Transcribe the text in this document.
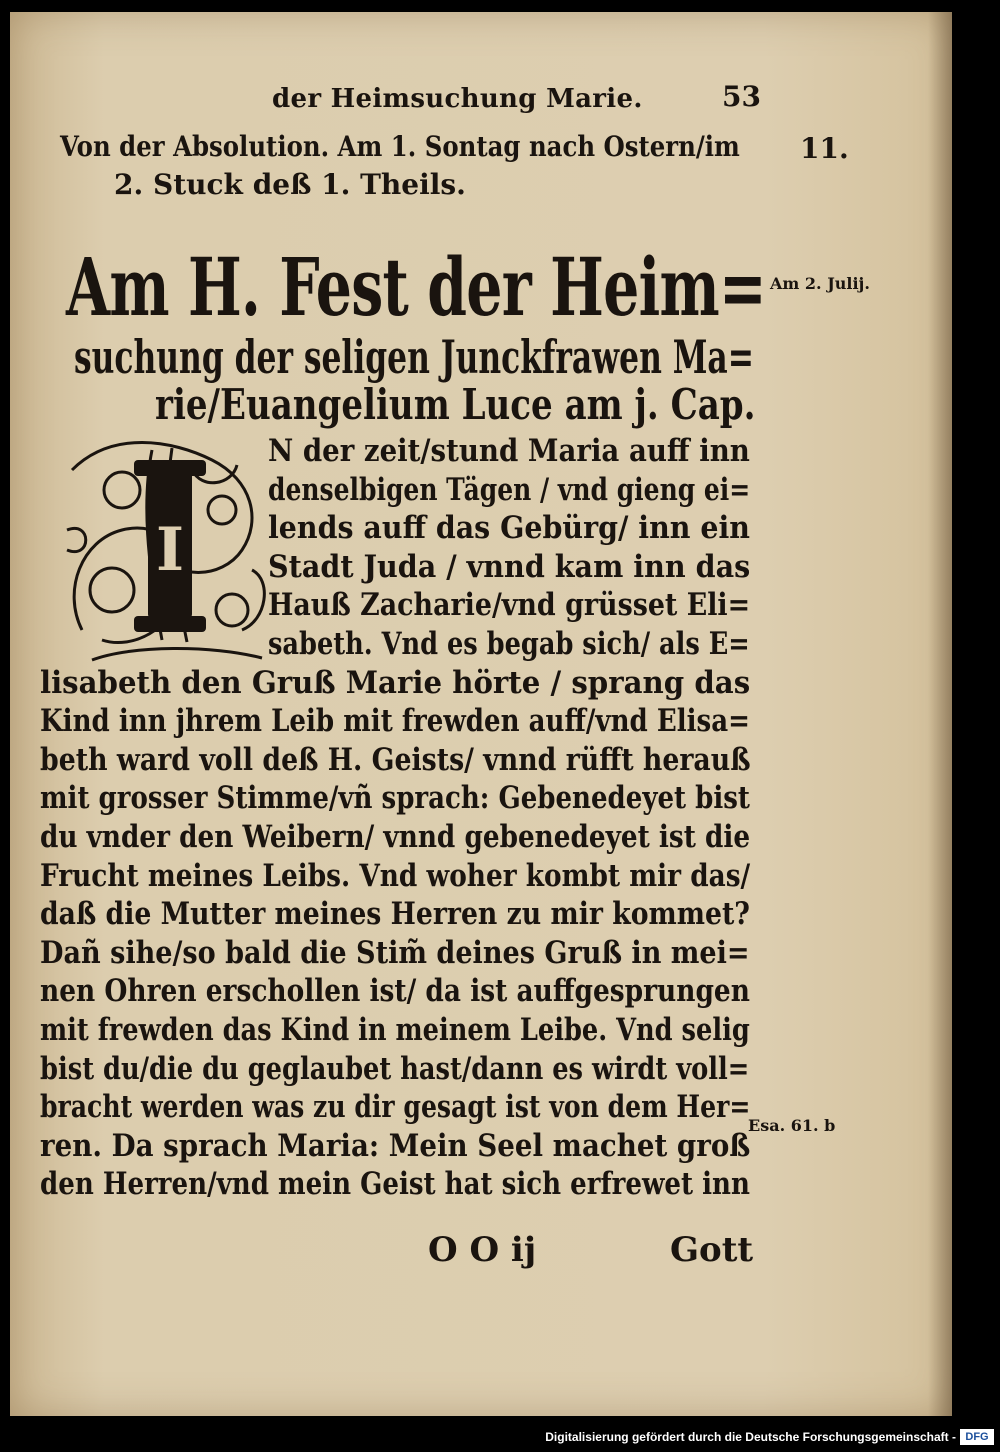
der Heimsuchung Marie.	53
Von der Absolution. Am 1. Sontag nach Ostern/im 11.
2. Stuck deß 1. Theils.
Am H. Fest der Heim=
suchung der seligen Junckfrawen Ma=
rie/Euangelium Luce am j. Cap.
Am 2. Julij.
Esa. 61. b
I
N der zeit/stund Maria auff inn
denselbigen Tägen / vnd gieng ei=
lends auff das Gebürg/ inn ein
Stadt Juda / vnnd kam inn das
Hauß Zacharie/vnd grüsset Eli=
sabeth. Vnd es begab sich/ als E=
lisabeth den Gruß Marie hörte / sprang das
Kind inn jhrem Leib mit frewden auff/vnd Elisa=
beth ward voll deß H. Geists/ vnnd rüfft herauß
mit grosser Stimme/vñ sprach: Gebenedeyet bist
du vnder den Weibern/ vnnd gebenedeyet ist die
Frucht meines Leibs. Vnd woher kombt mir das/
daß die Mutter meines Herren zu mir kommet?
Dañ sihe/so bald die Stim̃ deines Gruß in mei=
nen Ohren erschollen ist/ da ist auffgesprungen
mit frewden das Kind in meinem Leibe. Vnd selig
bist du/die du geglaubet hast/dann es wirdt voll=
bracht werden was zu dir gesagt ist von dem Her=
ren. Da sprach Maria: Mein Seel machet groß
den Herren/vnd mein Geist hat sich erfrewet inn
O O ij	Gott
Digitalisierung gefördert durch die Deutsche Forschungsgemeinschaft - DFG
